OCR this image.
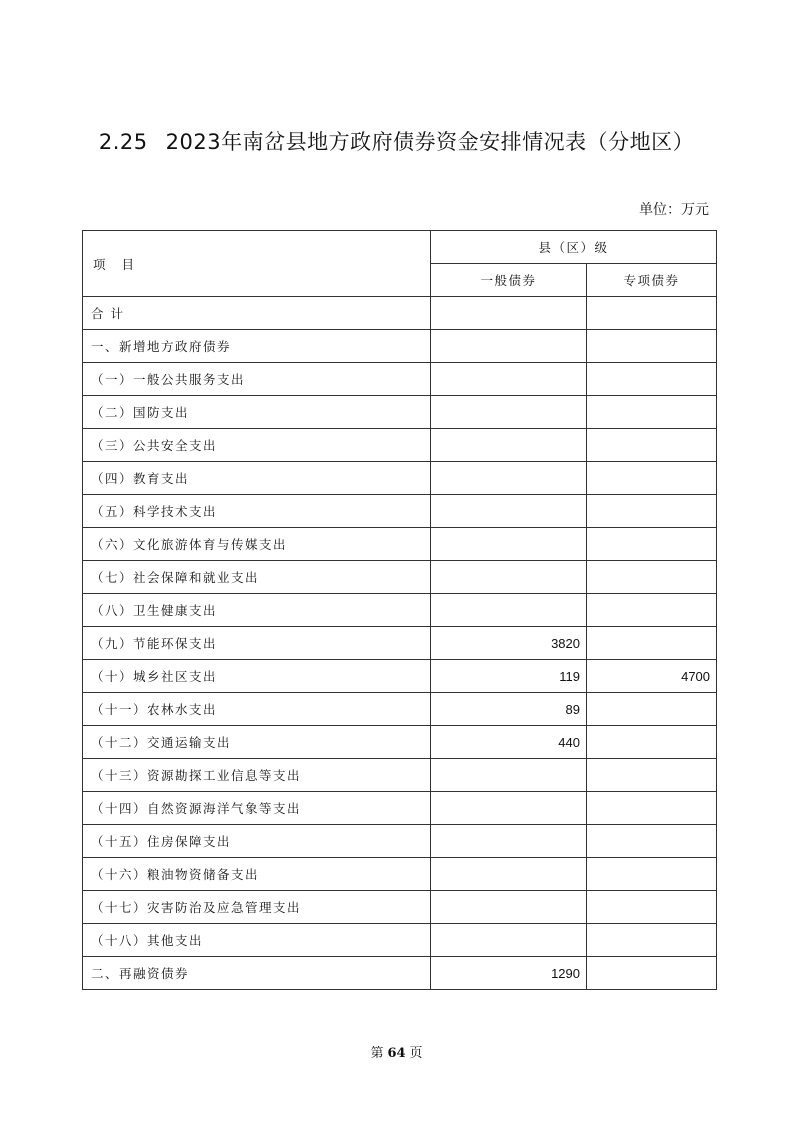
2.25 2023年南岔县地方政府债券资金安排情况表（分地区）
单位：万元
项 目	县（区）级	
	一般债券	专项债券
合 计		
一、新增地方政府债券		
（一）一般公共服务支出		
（二）国防支出		
（三）公共安全支出		
（四）教育支出		
（五）科学技术支出		
（六）文化旅游体育与传媒支出		
（七）社会保障和就业支出		
（八）卫生健康支出		
（九）节能环保支出	3820	
（十）城乡社区支出	119	4700
（十一）农林水支出	89	
（十二）交通运输支出	440	
（十三）资源勘探工业信息等支出		
（十四）自然资源海洋气象等支出		
（十五）住房保障支出		
（十六）粮油物资储备支出		
（十七）灾害防治及应急管理支出		
（十八）其他支出		
二、再融资债券	1290	
第 64 页
